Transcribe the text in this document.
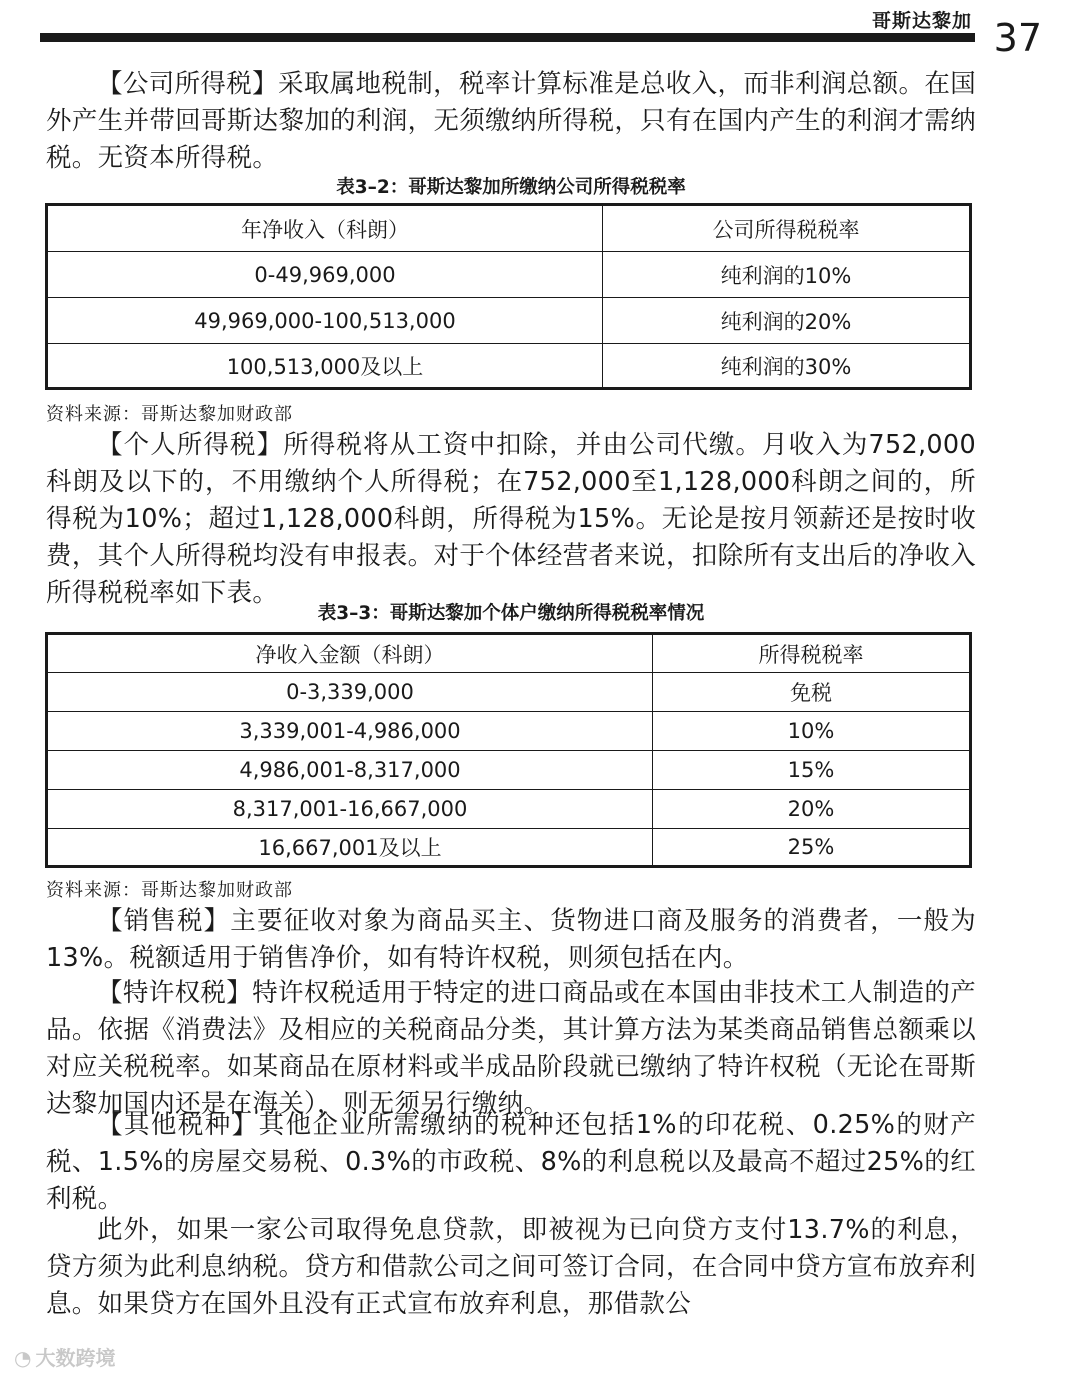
哥斯达黎加 37

【公司所得税】采取属地税制，税率计算标准是总收入，而非利润总额。在国外产生并带回哥斯达黎加的利润，无须缴纳所得税，只有在国内产生的利润才需纳税。无资本所得税。

表3–2：哥斯达黎加所缴纳公司所得税税率
年净收入（科朗）	公司所得税税率
0-49,969,000	纯利润的10%
49,969,000-100,513,000	纯利润的20%
100,513,000及以上	纯利润的30%
资料来源：哥斯达黎加财政部

【个人所得税】所得税将从工资中扣除，并由公司代缴。月收入为752,000科朗及以下的，不用缴纳个人所得税；在752,000至1,128,000科朗之间的，所得税为10%；超过1,128,000科朗，所得税为15%。无论是按月领薪还是按时收费，其个人所得税均没有申报表。对于个体经营者来说，扣除所有支出后的净收入所得税税率如下表。

表3–3：哥斯达黎加个体户缴纳所得税税率情况
净收入金额（科朗）	所得税税率
0-3,339,000	免税
3,339,001-4,986,000	10%
4,986,001-8,317,000	15%
8,317,001-16,667,000	20%
16,667,001及以上	25%
资料来源：哥斯达黎加财政部

【销售税】主要征收对象为商品买主、货物进口商及服务的消费者，一般为13%。税额适用于销售净价，如有特许权税，则须包括在内。

【特许权税】特许权税适用于特定的进口商品或在本国由非技术工人制造的产品。依据《消费法》及相应的关税商品分类，其计算方法为某类商品销售总额乘以对应关税税率。如某商品在原材料或半成品阶段就已缴纳了特许权税（无论在哥斯达黎加国内还是在海关），则无须另行缴纳。

【其他税种】其他企业所需缴纳的税种还包括1%的印花税、0.25%的财产税、1.5%的房屋交易税、0.3%的市政税、8%的利息税以及最高不超过25%的红利税。

此外，如果一家公司取得免息贷款，即被视为已向贷方支付13.7%的利息，贷方须为此利息纳税。贷方和借款公司之间可签订合同，在合同中贷方宣布放弃利息。如果贷方在国外且没有正式宣布放弃利息，那借款公

◔ 大数跨境
